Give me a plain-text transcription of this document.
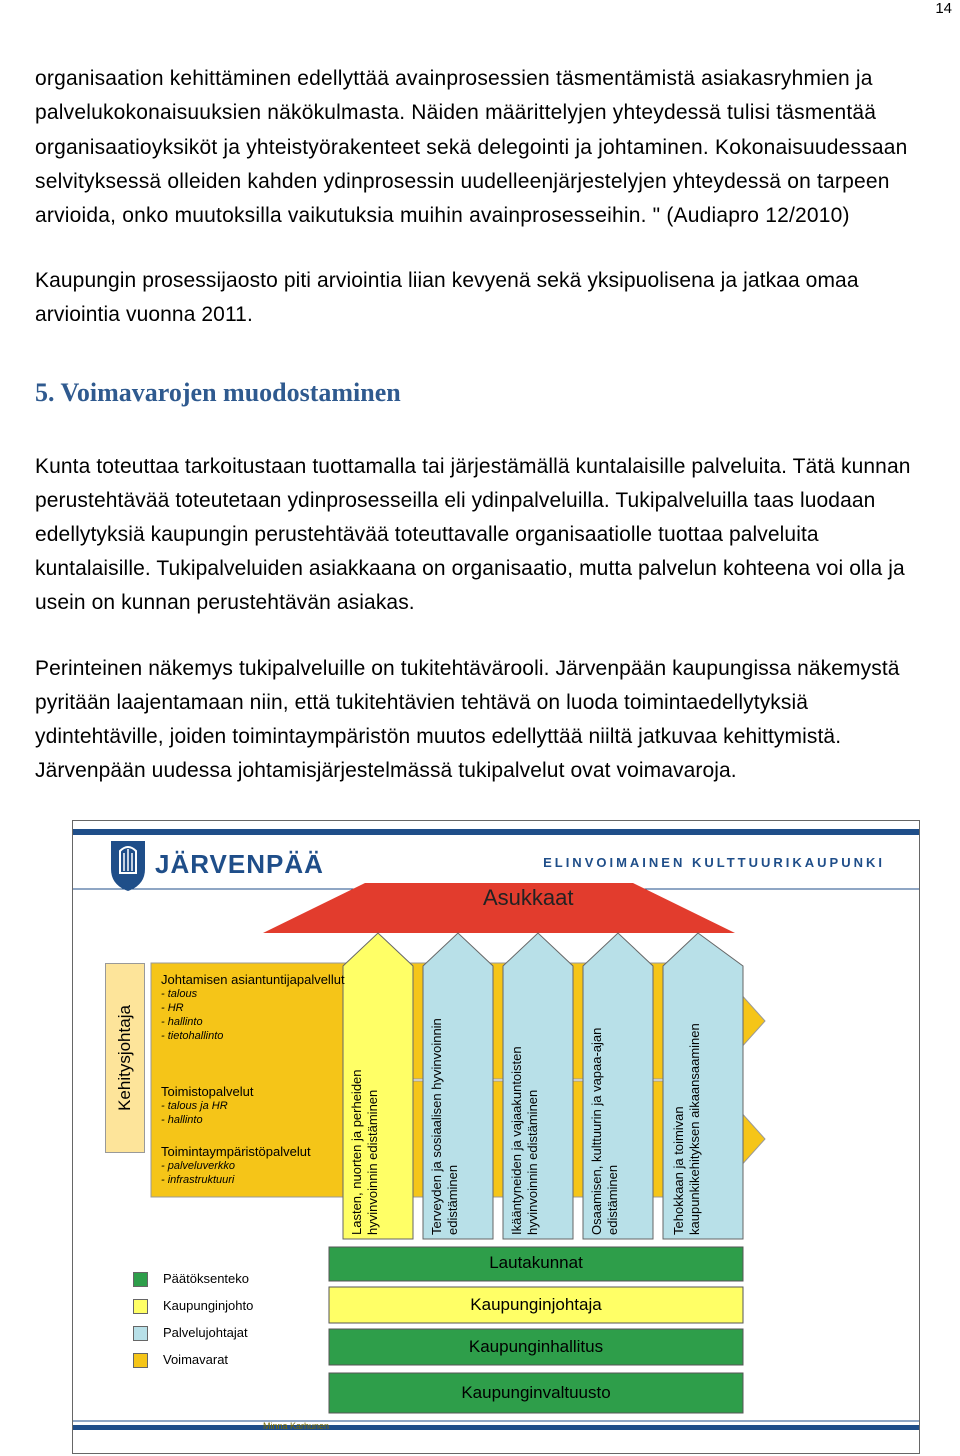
14

organisaation kehittäminen edellyttää avainprosessien täsmentämistä asiakasryhmien ja palvelukokonaisuuksien näkökulmasta. Näiden määrittelyjen yhteydessä tulisi täsmentää organisaatioyksiköt ja yhteistyörakenteet sekä delegointi ja johtaminen. Kokonaisuudessaan selvityksessä olleiden kahden ydinprosessin uudelleenjärjestelyjen yhteydessä on tarpeen arvioida, onko muutoksilla vaikutuksia muihin avainprosesseihin. " (Audiapro 12/2010)

Kaupungin prosessijaosto piti arviointia liian kevyenä sekä yksipuolisena ja jatkaa omaa arviointia vuonna 2011.

5. Voimavarojen muodostaminen

Kunta toteuttaa tarkoitustaan tuottamalla tai järjestämällä kuntalaisille palveluita. Tätä kunnan perustehtävää toteutetaan ydinprosesseilla eli ydinpalveluilla. Tukipalveluilla taas luodaan edellytyksiä kaupungin perustehtävää toteuttavalle organisaatiolle tuottaa palveluita kuntalaisille. Tukipalveluiden asiakkaana on organisaatio, mutta palvelun kohteena voi olla ja usein on kunnan perustehtävän asiakas.

Perinteinen näkemys tukipalveluille on tukitehtävärooli. Järvenpään kaupungissa näkemystä pyritään laajentamaan niin, että tukitehtävien tehtävä on luoda toimintaedellytyksiä ydintehtäville, joiden toimintaympäristön muutos edellyttää niiltä jatkuvaa kehittymistä. Järvenpään uudessa johtamisjärjestelmässä tukipalvelut ovat voimavaroja.

JÄRVENPÄÄ	ELINVOIMAINEN KULTTUURIKAUPUNKI
Asukkaat
Kehitysjohtaja
Johtamisen asiantuntijapalvellut
- talous
- HR
- hallinto
- tietohallinto
Toimistopalvelut
- talous ja HR
- hallinto
Toimintaympäristöpalvelut
- palveluverkko
- infrastruktuuri	Lasten, nuorten ja perheiden hyvinvoinnin edistäminen	Terveyden ja sosiaalisen hyvinvoinnin edistäminen	Ikääntyneiden ja vajaakuntoisten hyvinvoinnin edistäminen	Osaamisen, kulttuurin ja vapaa-ajan edistäminen	Tehokkaan ja toimivan kaupunkikehityksen aikaansaaminen
Päätöksenteko
Kaupunginjohto
Palvelujohtajat
Voimavarat
Lautakunnat
Kaupunginjohtaja
Kaupunginhallitus
Kaupunginvaltuusto
Minna Karhunen
